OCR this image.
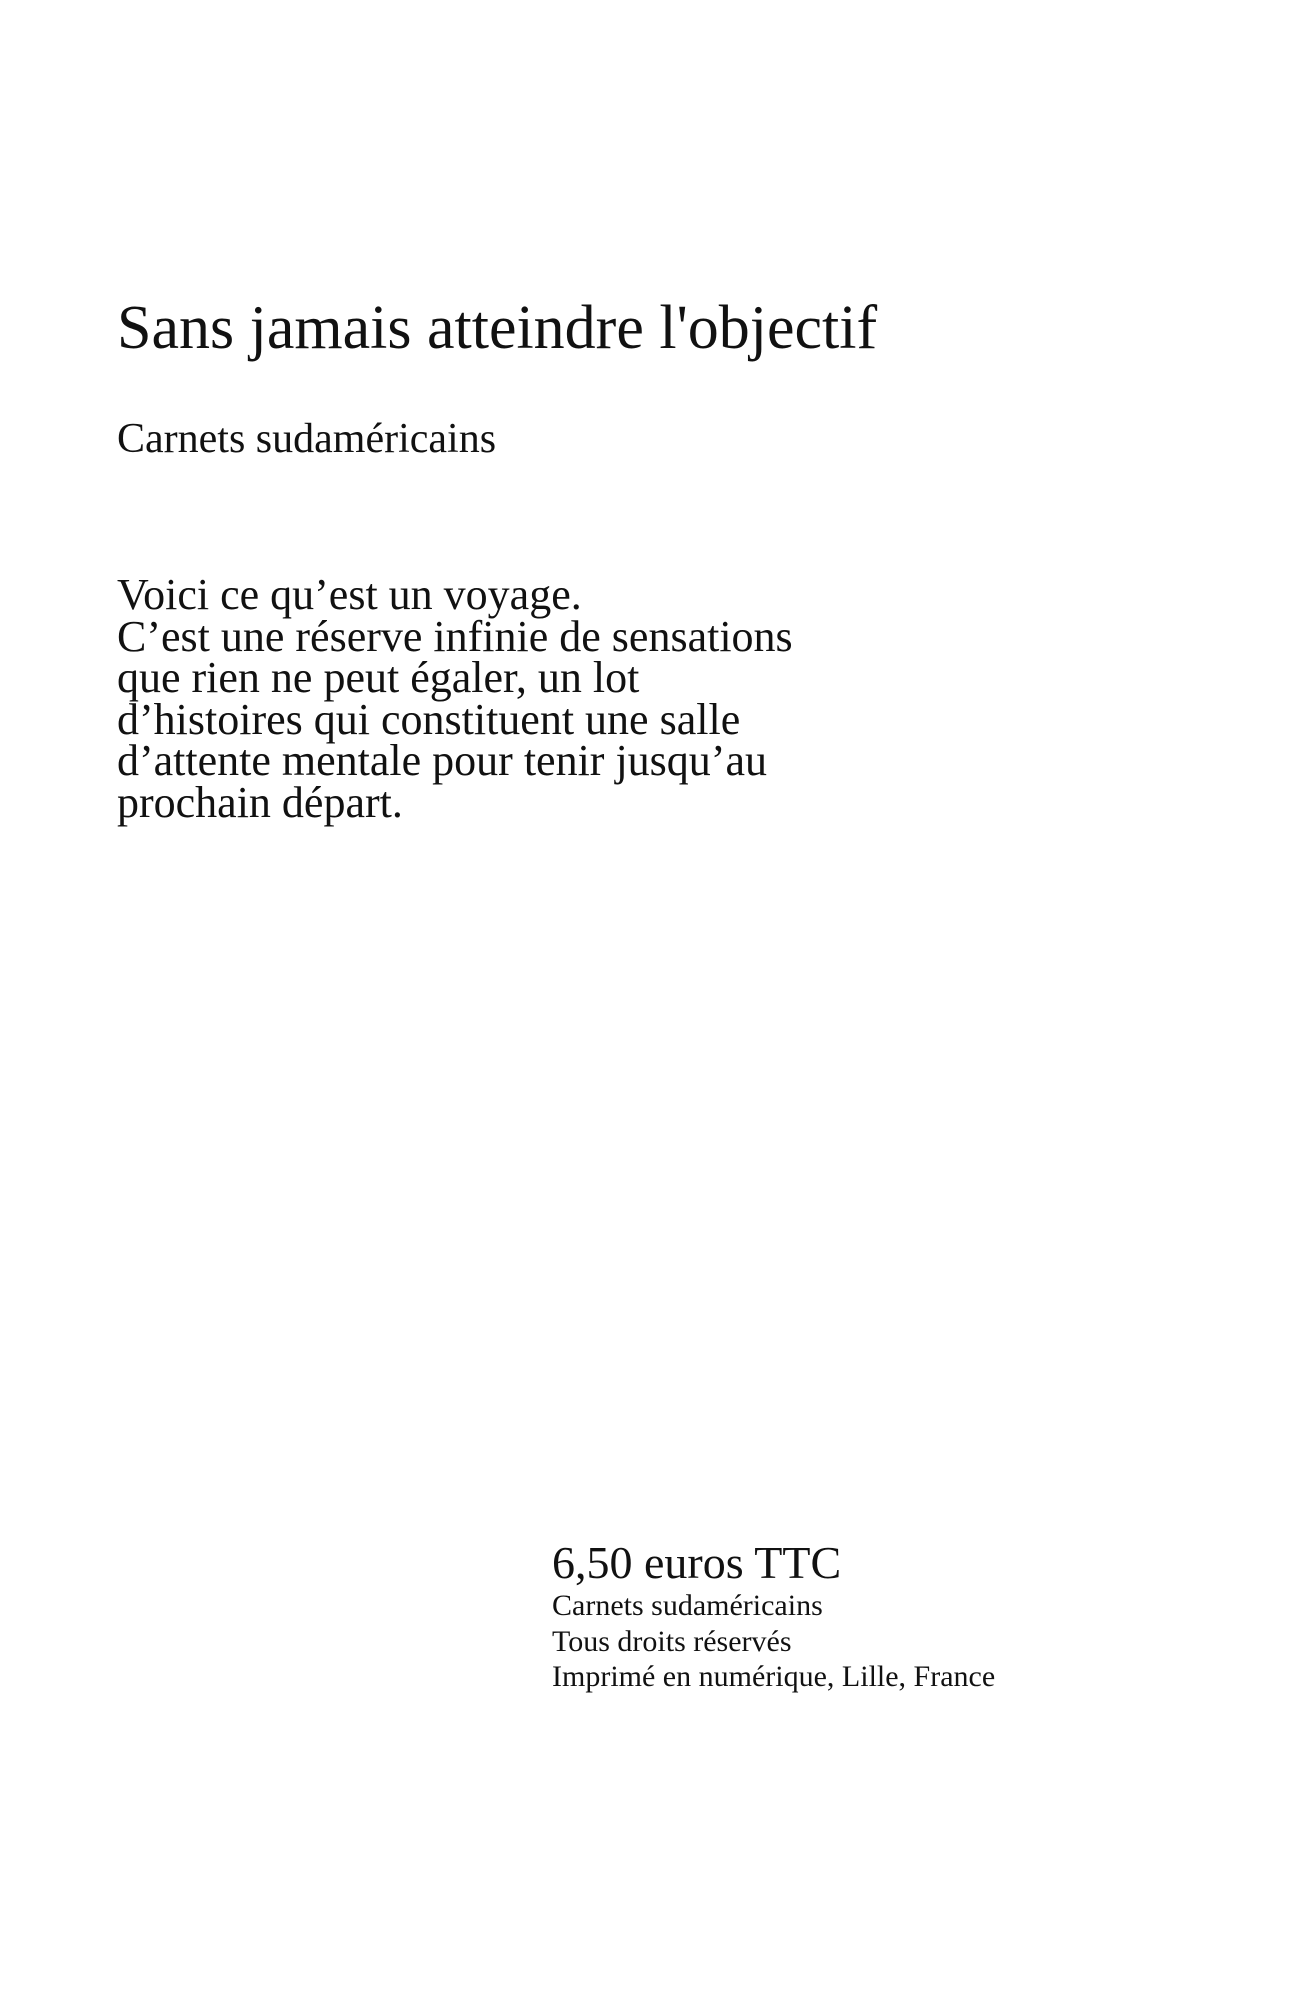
Sans jamais atteindre l'objectif

Carnets sudaméricains

Voici ce qu’est un voyage.
C’est une réserve infinie de sensations
que rien ne peut égaler, un lot
d’histoires qui constituent une salle
d’attente mentale pour tenir jusqu’au
prochain départ.
6,50 euros TTC
Carnets sudaméricains
Tous droits réservés
Imprimé en numérique, Lille, France
